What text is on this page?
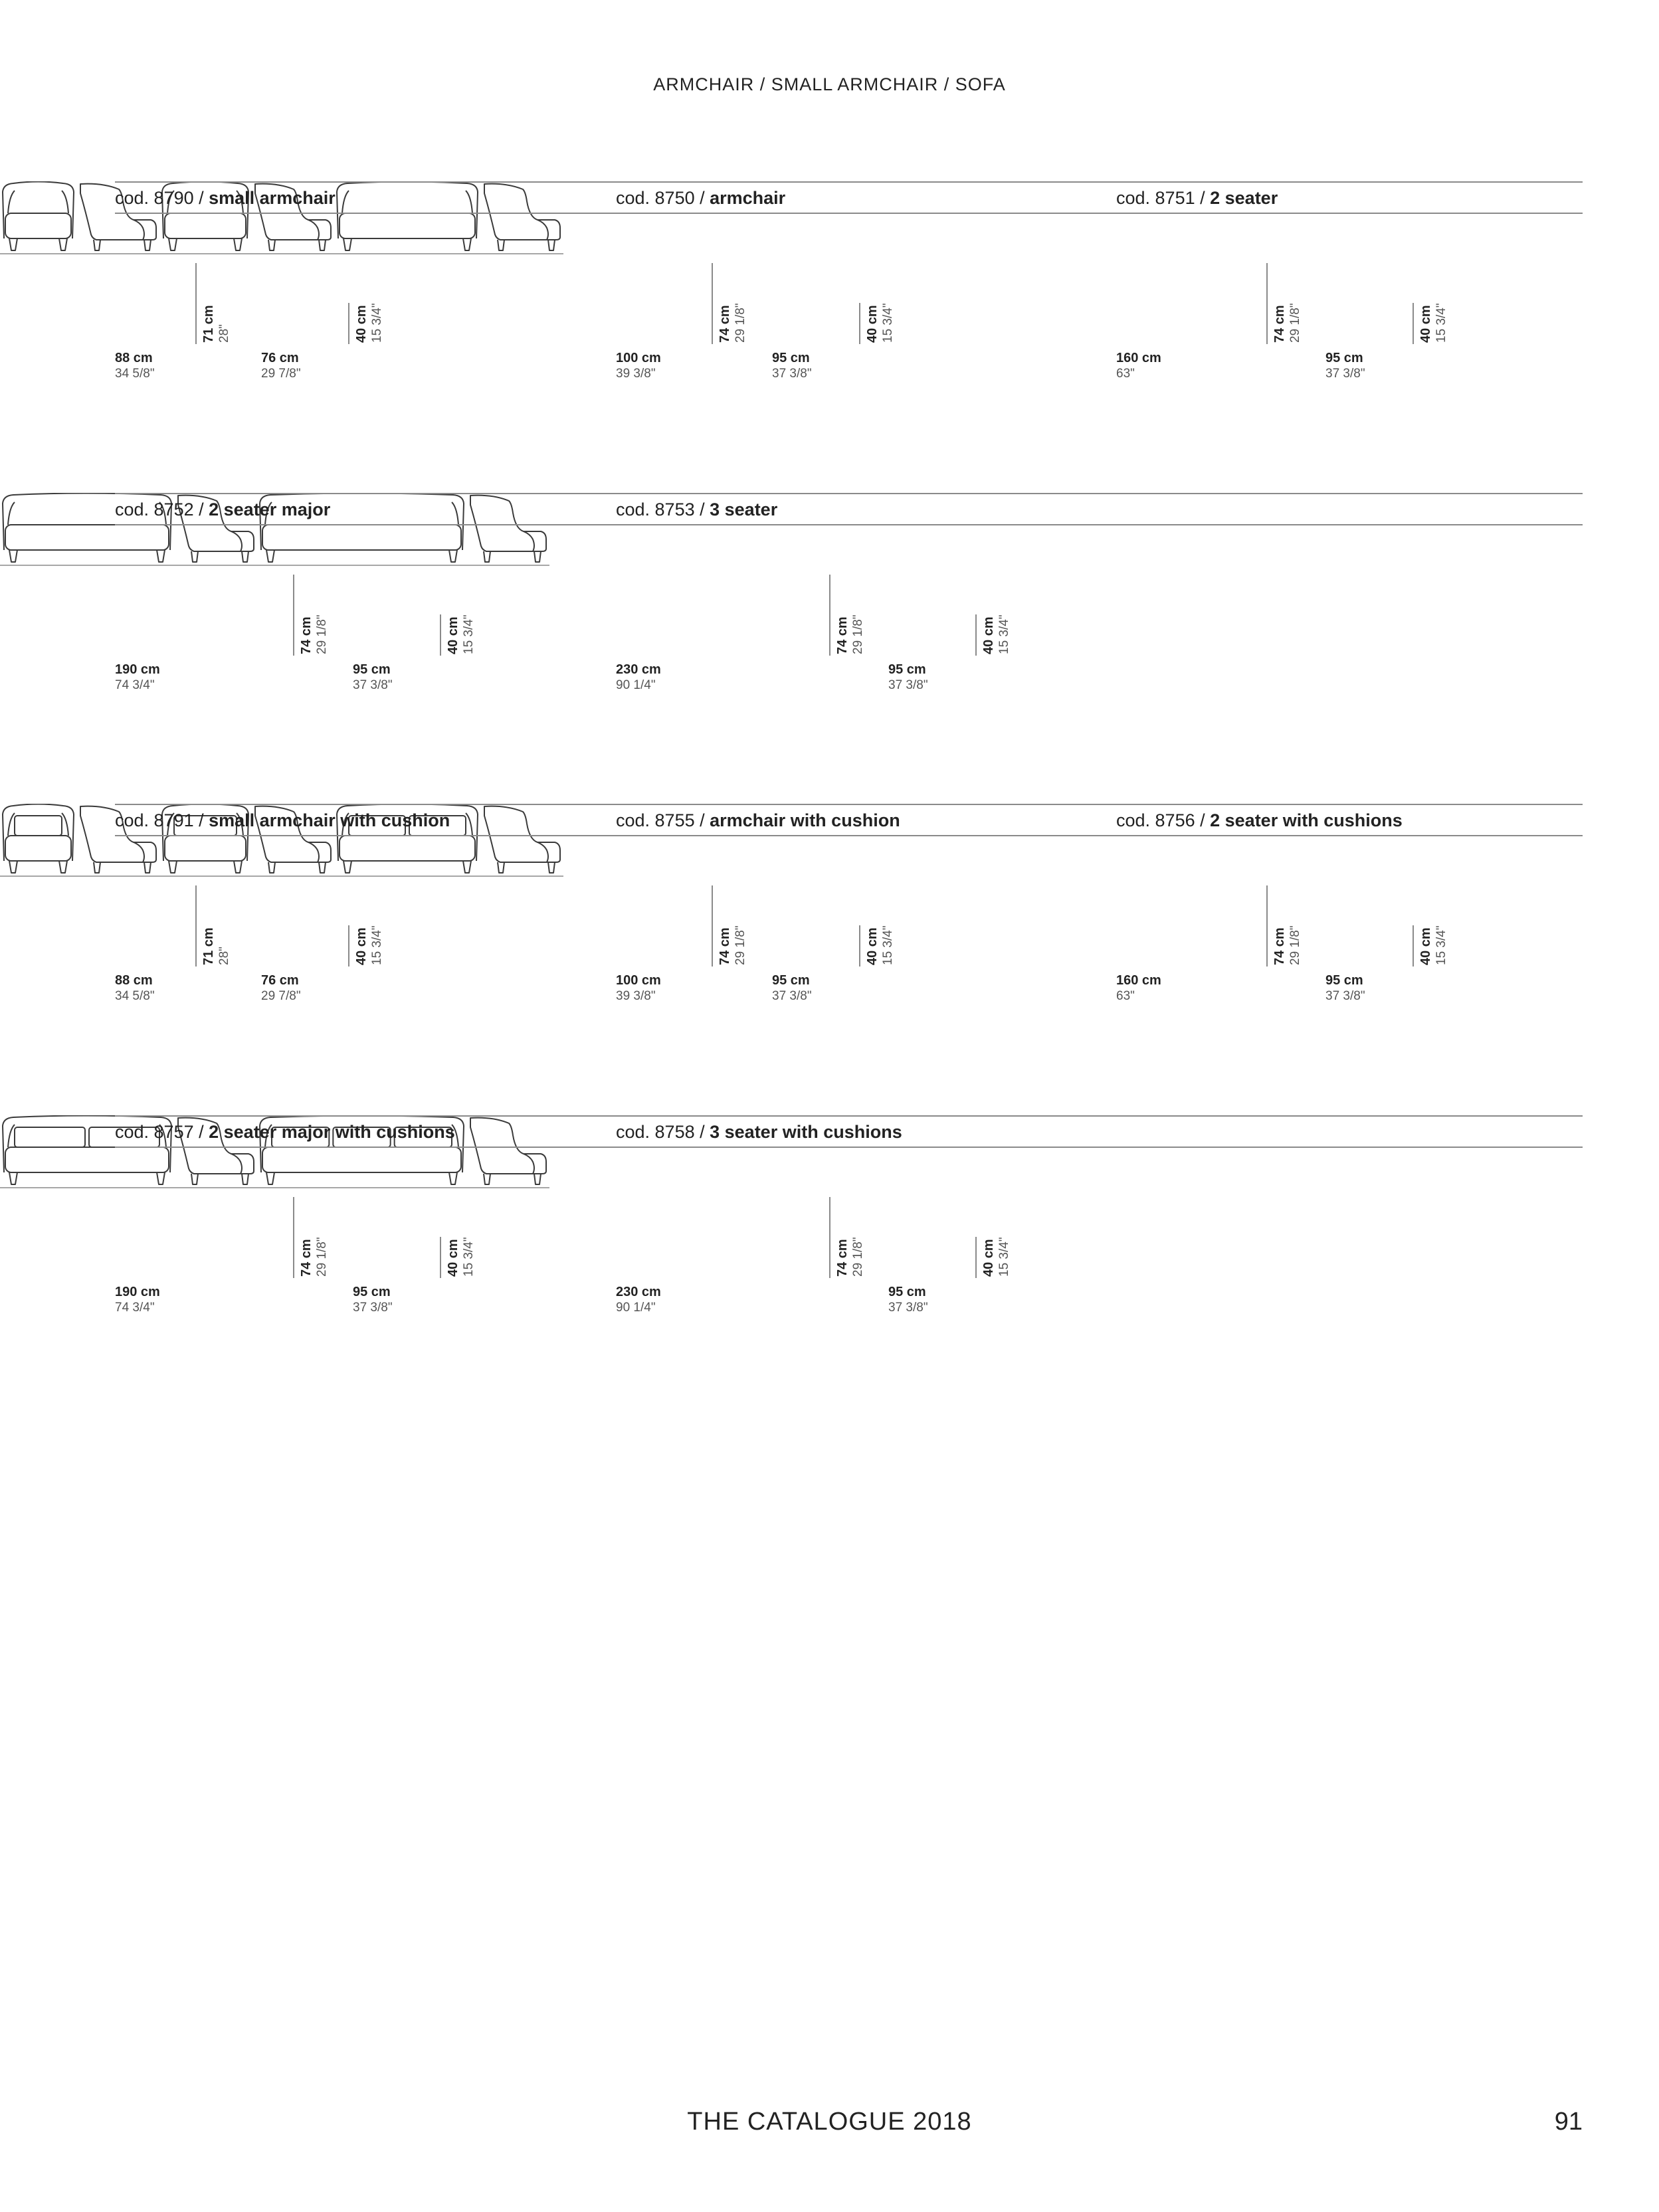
ARMCHAIR / SMALL ARMCHAIR / SOFA
cod. 8790 / small armchair
88 cm
34 5/8"
71 cm 28"
76 cm
29 7/8"
40 cm 15 3/4"
cod. 8750 / armchair
100 cm
39 3/8"
74 cm 29 1/8"
95 cm
37 3/8"
40 cm 15 3/4"
cod. 8751 / 2 seater
160 cm
63"
74 cm 29 1/8"
95 cm
37 3/8"
40 cm 15 3/4"
cod. 8752 / 2 seater major
190 cm
74 3/4"
74 cm 29 1/8"
95 cm
37 3/8"
40 cm 15 3/4"
cod. 8753 / 3 seater
230 cm
90 1/4"
74 cm 29 1/8"
95 cm
37 3/8"
40 cm 15 3/4"
cod. 8791 / small armchair with cushion
88 cm
34 5/8"
71 cm 28"
76 cm
29 7/8"
40 cm 15 3/4"
cod. 8755 / armchair with cushion
100 cm
39 3/8"
74 cm 29 1/8"
95 cm
37 3/8"
40 cm 15 3/4"
cod. 8756 / 2 seater with cushions
160 cm
63"
74 cm 29 1/8"
95 cm
37 3/8"
40 cm 15 3/4"
cod. 8757 / 2 seater major with cushions
190 cm
74 3/4"
74 cm 29 1/8"
95 cm
37 3/8"
40 cm 15 3/4"
cod. 8758 / 3 seater with cushions
230 cm
90 1/4"
74 cm 29 1/8"
95 cm
37 3/8"
40 cm 15 3/4"
THE CATALOGUE 2018	91
